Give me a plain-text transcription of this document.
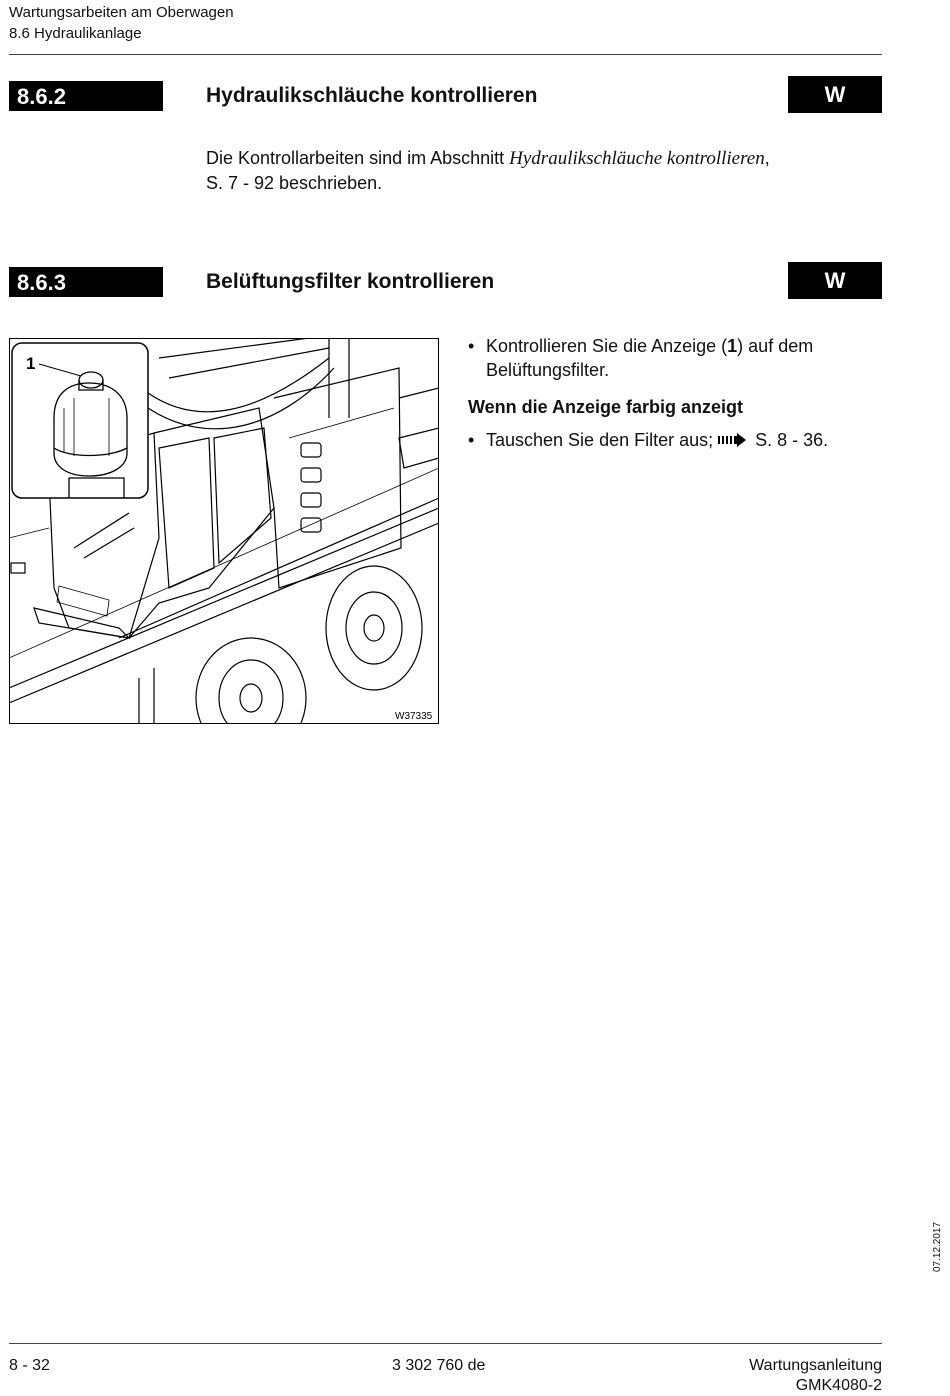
Wartungsarbeiten am Oberwagen
8.6 Hydraulikanlage
8.6.2	Hydraulikschläuche kontrollieren	W
Die Kontrollarbeiten sind im Abschnitt Hydraulikschläuche kontrollieren,
S. 7 - 92 beschrieben.
8.6.3	Belüftungsfilter kontrollieren	W
1
W37335
• Kontrollieren Sie die Anzeige (1) auf dem
Belüftungsfilter.
Wenn die Anzeige farbig anzeigt
• Tauschen Sie den Filter aus;  S. 8 - 36.
07.12.2017
8 - 32	3 302 760 de	Wartungsanleitung
GMK4080-2
